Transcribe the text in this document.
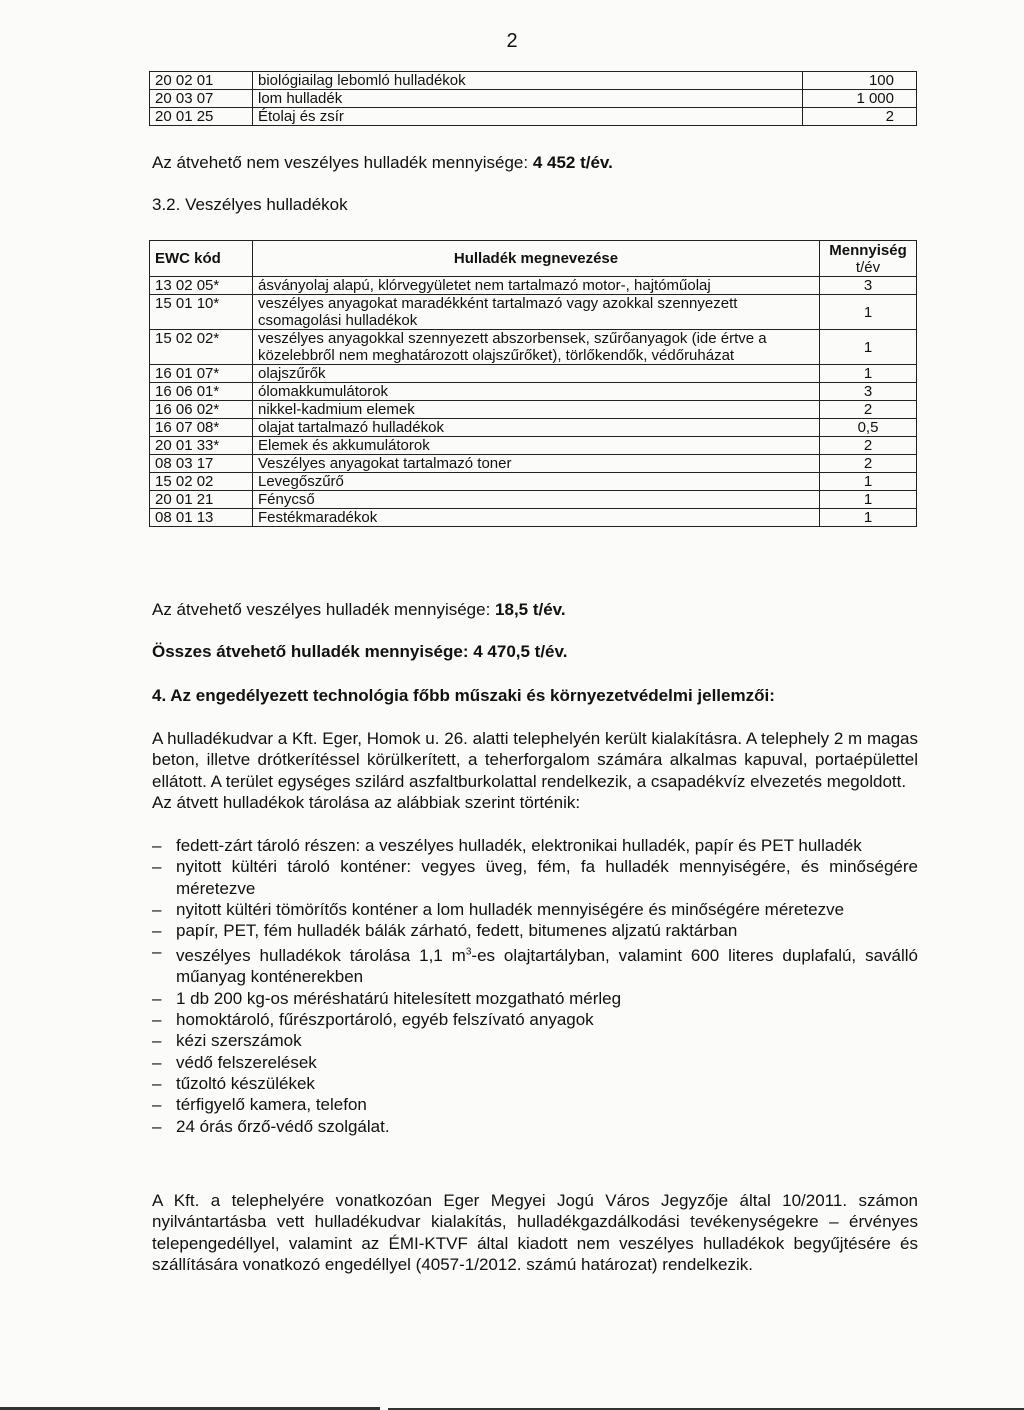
2
20 02 01	biológiailag lebomló hulladékok	100
20 03 07	lom hulladék	1 000
20 01 25	Étolaj és zsír	2

Az átvehető nem veszélyes hulladék mennyisége: 4 452 t/év.

3.2. Veszélyes hulladékok

EWC kód	Hulladék megnevezése	Mennyiség
t/év

13 02 05*	ásványolaj alapú, klórvegyületet nem tartalmazó motor-, hajtóműolaj	3
15 01 10*	veszélyes anyagokat maradékként tartalmazó vagy azokkal szennyezett csomagolási hulladékok	1
15 02 02*	veszélyes anyagokkal szennyezett abszorbensek, szűrőanyagok (ide értve a közelebbről nem meghatározott olajszűrőket), törlőkendők, védőruházat	1
16 01 07*	olajszűrők	1
16 06 01*	ólomakkumulátorok	3
16 06 02*	nikkel-kadmium elemek	2
16 07 08*	olajat tartalmazó hulladékok	0,5
20 01 33*	Elemek és akkumulátorok	2
08 03 17	Veszélyes anyagokat tartalmazó toner	2
15 02 02	Levegőszűrő	1
20 01 21	Fénycső	1
08 01 13	Festékmaradékok	1

Az átvehető veszélyes hulladék mennyisége: 18,5 t/év.

Összes átvehető hulladék mennyisége: 4 470,5 t/év.

4. Az engedélyezett technológia főbb műszaki és környezetvédelmi jellemzői:

A hulladékudvar a Kft. Eger, Homok u. 26. alatti telephelyén került kialakításra. A telephely 2 m magas beton, illetve drótkerítéssel körülkerített, a teherforgalom számára alkalmas kapuval, portaépülettel ellátott. A terület egységes szilárd aszfaltburkolattal rendelkezik, a csapadékvíz elvezetés megoldott.
Az átvett hulladékok tárolása az alábbiak szerint történik:
– fedett-zárt tároló részen: a veszélyes hulladék, elektronikai hulladék, papír és PET hulladék
– nyitott kültéri tároló konténer: vegyes üveg, fém, fa hulladék mennyiségére, és minőségére méretezve
– nyitott kültéri tömörítős konténer a lom hulladék mennyiségére és minőségére méretezve
– papír, PET, fém hulladék bálák zárható, fedett, bitumenes aljzatú raktárban
– veszélyes hulladékok tárolása 1,1 $m^3-es$ olajtartályban, valamint 600 literes duplafalú, saválló műanyag konténerekben
– 1 db 200 kg-os méréshatárú hitelesített mozgatható mérleg
– homoktároló, fűrészportároló, egyéb felszívató anyagok
– kézi szerszámok
– védő felszerelések
– tűzoltó készülékek
– térfigyelő kamera, telefon
– 24 órás őrző-védő szolgálat.
A Kft. a telephelyére vonatkozóan Eger Megyei Jogú Város Jegyzője által 10/2011. számon nyilvántartásba vett hulladékudvar kialakítás, hulladékgazdálkodási tevékenységekre – érvényes telepengedéllyel, valamint az ÉMI-KTVF által kiadott nem veszélyes hulladékok begyűjtésére és szállítására vonatkozó engedéllyel (4057-1/2012. számú határozat) rendelkezik.
